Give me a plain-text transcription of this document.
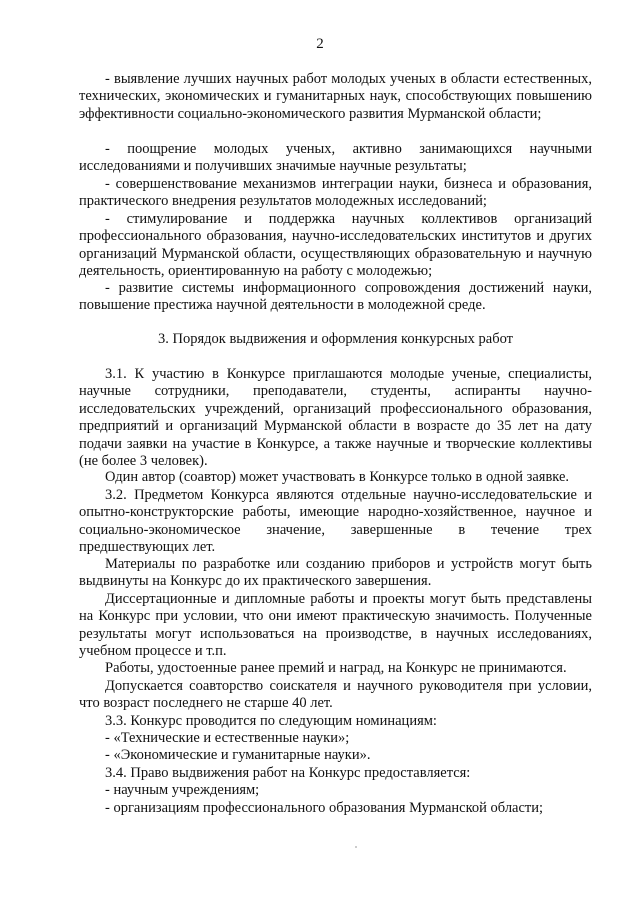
2

- выявление лучших научных работ молодых ученых в области естественных, технических, экономических и гуманитарных наук, способствующих повышению эффективности социально-экономического развития Мурманской области;

- поощрение молодых ученых, активно занимающихся научными исследованиями и получивших значимые научные результаты;

- совершенствование механизмов интеграции науки, бизнеса и образования, практического внедрения результатов молодежных исследований;

- стимулирование и поддержка научных коллективов организаций профессионального образования, научно-исследовательских институтов и других организаций Мурманской области, осуществляющих образовательную и научную деятельность, ориентированную на работу с молодежью;

- развитие системы информационного сопровождения достижений науки, повышение престижа научной деятельности в молодежной среде.

3. Порядок выдвижения и оформления конкурсных работ

3.1. К участию в Конкурсе приглашаются молодые ученые, специалисты, научные сотрудники, преподаватели, студенты, аспиранты научно-исследовательских учреждений, организаций профессионального образования, предприятий и организаций Мурманской области в возрасте до 35 лет на дату подачи заявки на участие в Конкурсе, а также научные и творческие коллективы (не более 3 человек).

Один автор (соавтор) может участвовать в Конкурсе только в одной заявке.

3.2. Предметом Конкурса являются отдельные научно-исследовательские и опытно-конструкторские работы, имеющие народно-хозяйственное, научное и социально-экономическое значение, завершенные в течение трех предшествующих лет.

Материалы по разработке или созданию приборов и устройств могут быть выдвинуты на Конкурс до их практического завершения.

Диссертационные и дипломные работы и проекты могут быть представлены на Конкурс при условии, что они имеют практическую значимость. Полученные результаты могут использоваться на производстве, в научных исследованиях, учебном процессе и т.п.

Работы, удостоенные ранее премий и наград, на Конкурс не принимаются.

Допускается соавторство соискателя и научного руководителя при условии, что возраст последнего не старше 40 лет.

3.3. Конкурс проводится по следующим номинациям:

- «Технические и естественные науки»;

- «Экономические и гуманитарные науки».

3.4. Право выдвижения работ на Конкурс предоставляется:

- научным учреждениям;

- организациям профессионального образования Мурманской области;
